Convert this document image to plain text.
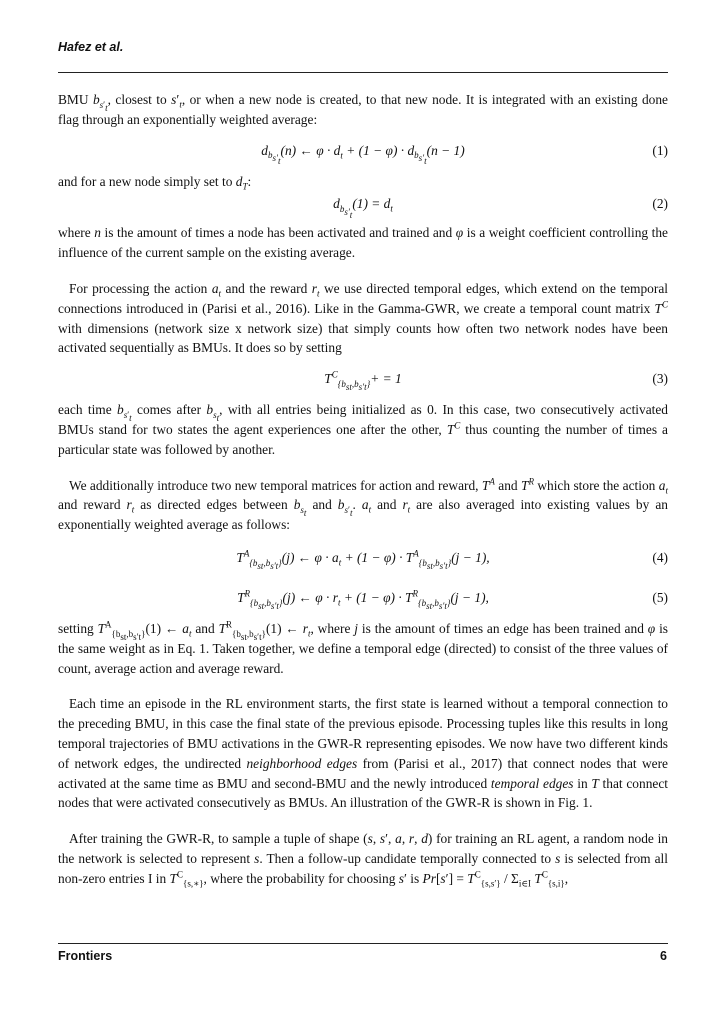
Hafez et al.

BMU $b_{s'_t}$, closest to $s'_t$, or when a new node is created, to that new node. It is integrated with an existing done flag through an exponentially weighted average:

$d_{b_{s'_t}}(n)$ ← $\varphi \cdot d_t + (1 - \varphi) \cdot d_{b_{s'_t}}(n - 1)$	(1)

and for a new node simply set to $d_T$:

$d_{b_{s'_t}}(1) = d_t$	(2)

where n is the amount of times a node has been activated and trained and φ is a weight coefficient controlling the influence of the current sample on the existing average.

For processing the action $a_t$ and the reward $r_t$ we use directed temporal edges, which extend on the temporal connections introduced in (Parisi et al., 2016). Like in the Gamma-GWR, we create a temporal count matrix $T^C$ with dimensions (network size x network size) that simply counts how often two network nodes have been activated sequentially as BMUs. It does so by setting

$T^C_{\{b_{st},b_{s't}\}}+ = 1$	(3)

each time $b_{s'_t}$ comes after $b_{s_t}$, with all entries being initialized as 0. In this case, two consecutively activated BMUs stand for two states the agent experiences one after the other, $T^C$ thus counting the number of times a particular state was followed by another.

We additionally introduce two new temporal matrices for action and reward, $T^A$ and $T^R$ which store the action $a_t$ and reward $r_t$ as directed edges between $b_{s_t}$ and $b_{s'_t}$. $a_t$ and $r_t$ are also averaged into existing values by an exponentially weighted average as follows:

$T^A_{\{b_{st},b_{s't}\}}(j)$ ← $\varphi \cdot a_t + (1 - \varphi) \cdot T^A_{\{b_{st},b_{s't}\}}(j - 1)$,	(4)
$T^R_{\{b_{st},b_{s't}\}}(j)$ ← $\varphi \cdot r_t + (1 - \varphi) \cdot T^R_{\{b_{st},b_{s't}\}}(j - 1)$,	(5)

setting $T^A_{\{b_{st},b_{s't}\}}(1)$ ← $a_t$ and $T^R_{\{b_{st},b_{s't}\}}(1)$ ← $r_t$, where j is the amount of times an edge has been trained and φ is the same weight as in Eq. 1. Taken together, we define a temporal edge (directed) to consist of the three values of count, average action and average reward.

Each time an episode in the RL environment starts, the first state is learned without a temporal connection to the preceding BMU, in this case the final state of the previous episode. Processing tuples like this results in long temporal trajectories of BMU activations in the GWR-R representing episodes. We now have two different kinds of network edges, the undirected neighborhood edges from (Parisi et al., 2017) that connect nodes that were activated at the same time as BMU and second-BMU and the newly introduced temporal edges in T that connect nodes that were activated consecutively as BMUs. An illustration of the GWR-R is shown in Fig. 1.

After training the GWR-R, to sample a tuple of shape (s, s′, a, r, d) for training an RL agent, a random node in the network is selected to represent s. Then a follow-up candidate temporally connected to s is selected from all non-zero entries I in $T^C_{\{s,∗\}}$, where the probability for choosing s′ is $Pr[s'] = T^C_{\{s,s'\}} / \Sigma_{i\in I}$ $T^C_{\{s,i\}}$,

Frontiers	6
